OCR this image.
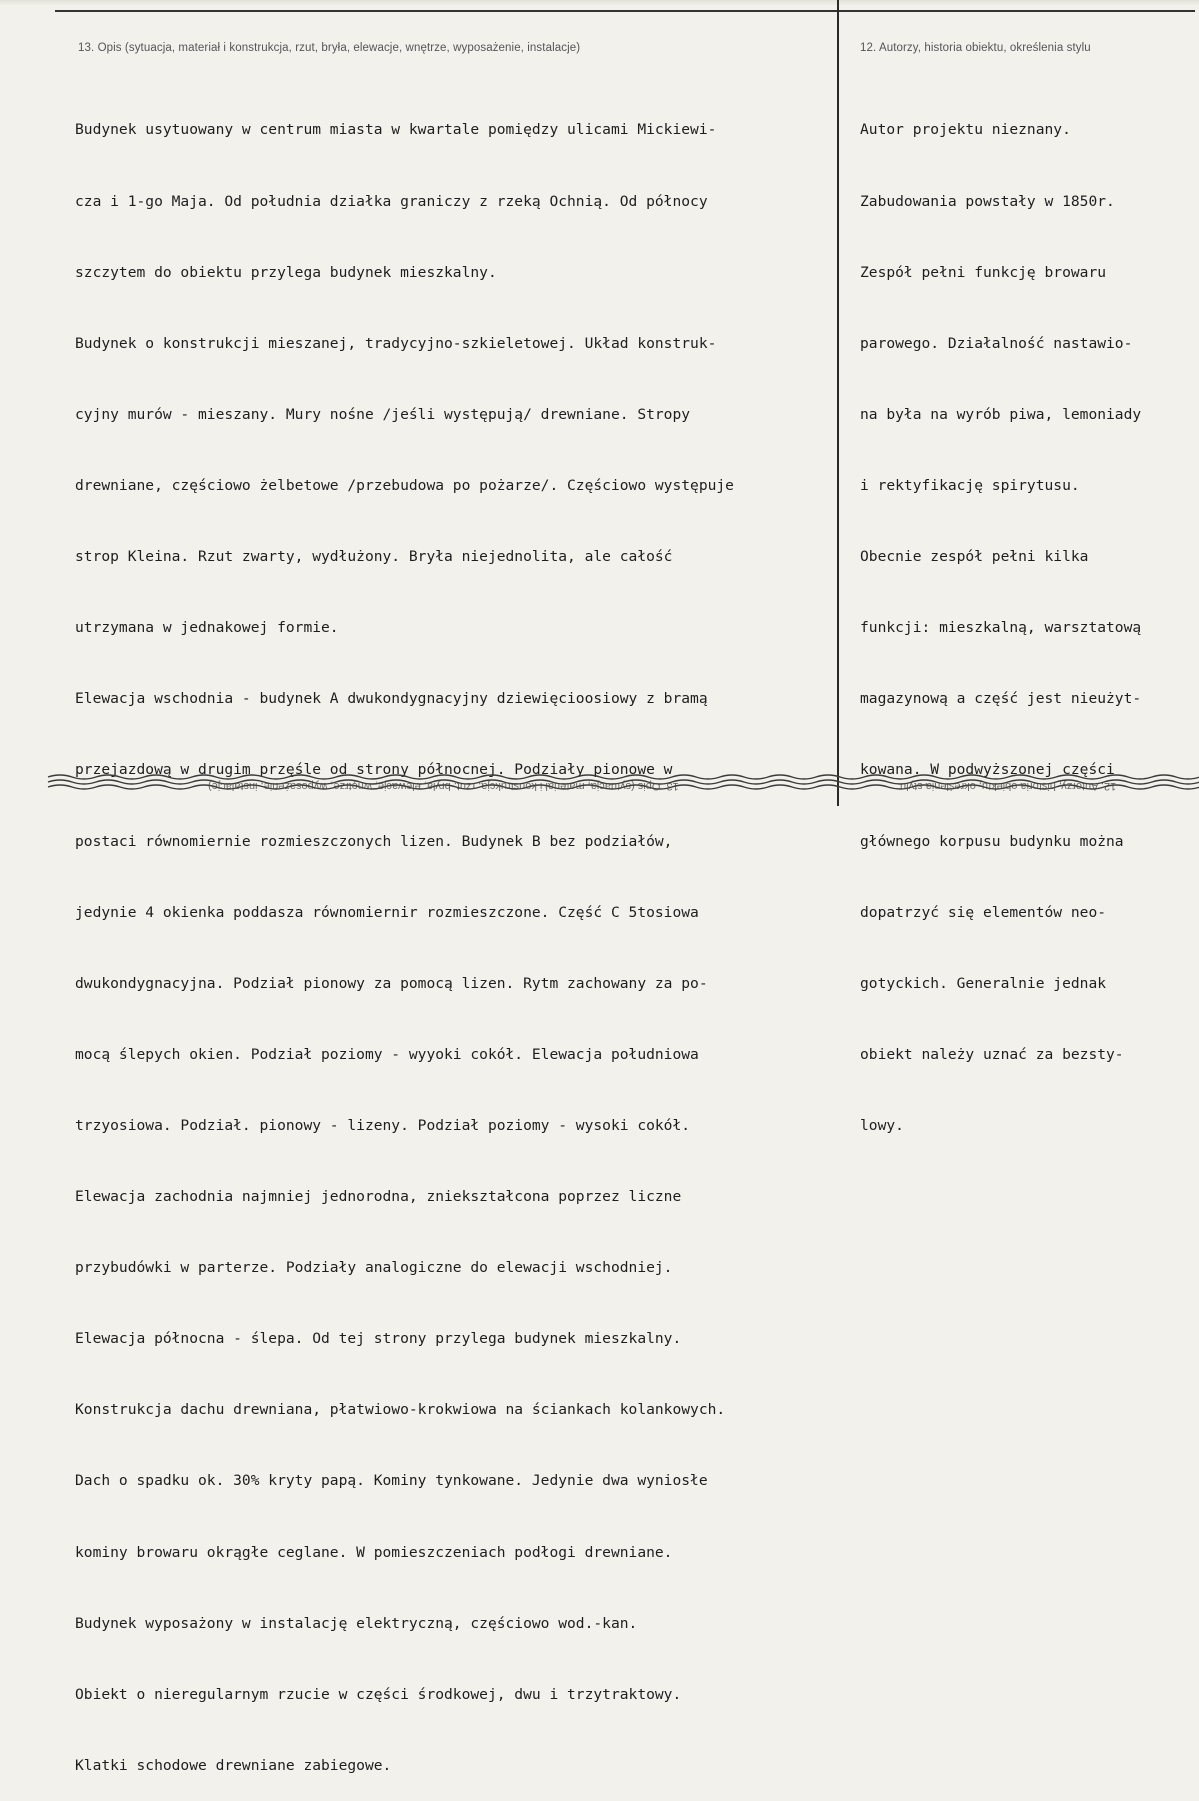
13. Opis (sytuacja, materiał i konstrukcja, rzut, bryła, elewacje, wnętrze, wyposażenie, instalacje)	12. Autorzy, historia obiektu, określenia stylu

Budynek usytuowany w centrum miasta w kwartale pomiędzy ulicami Mickiewi-

cza i 1-go Maja. Od południa działka graniczy z rzeką Ochnią. Od północy

szczytem do obiektu przylega budynek mieszkalny.

Budynek o konstrukcji mieszanej, tradycyjno-szkieletowej. Układ konstruk-

cyjny murów - mieszany. Mury nośne /jeśli występują/ drewniane. Stropy

drewniane, częściowo żelbetowe /przebudowa po pożarze/. Częściowo występuje

strop Kleina. Rzut zwarty, wydłużony. Bryła niejednolita, ale całość

utrzymana w jednakowej formie.

Elewacja wschodnia - budynek A dwukondygnacyjny dziewięcioosiowy z bramą

przejazdową w drugim przęśle od strony północnej. Podziały pionowe w

postaci równomiernie rozmieszczonych lizen. Budynek B bez podziałów,

jedynie 4 okienka poddasza równomiernir rozmieszczone. Część C 5tosiowa

dwukondygnacyjna. Podział pionowy za pomocą lizen. Rytm zachowany za po-

mocą ślepych okien. Podział poziomy - wyyoki cokół. Elewacja południowa

trzyosiowa. Podział. pionowy - lizeny. Podział poziomy - wysoki cokół.

Elewacja zachodnia najmniej jednorodna, zniekształcona poprzez liczne

przybudówki w parterze. Podziały analogiczne do elewacji wschodniej.

Elewacja północna - ślepa. Od tej strony przylega budynek mieszkalny.

Konstrukcja dachu drewniana, płatwiowo-krokwiowa na ściankach kolankowych.

Dach o spadku ok. 30% kryty papą. Kominy tynkowane. Jedynie dwa wyniosłe

kominy browaru okrągłe ceglane. W pomieszczeniach podłogi drewniane.

Budynek wyposażony w instalację elektryczną, częściowo wod.-kan.

Obiekt o nieregularnym rzucie w części środkowej, dwu i trzytraktowy.

Klatki schodowe drewniane zabiegowe.

Autor projektu nieznany.

Zabudowania powstały w 1850r.

Zespół pełni funkcję browaru

parowego. Działalność nastawio-

na była na wyrób piwa, lemoniady

i rektyfikację spirytusu.

Obecnie zespół pełni kilka

funkcji: mieszkalną, warsztatową

magazynową a część jest nieużyt-

kowana. W podwyższonej części

głównego korpusu budynku można

dopatrzyć się elementów neo-

gotyckich. Generalnie jednak

obiekt należy uznać za bezsty-

lowy.

13. Opis (sytuacja, materiał i konstrukcja, rzut, bryła, elewacje, wnętrze, wyposażenie, instalacje)	12. Autorzy, historia obiektu, określenia stylu
